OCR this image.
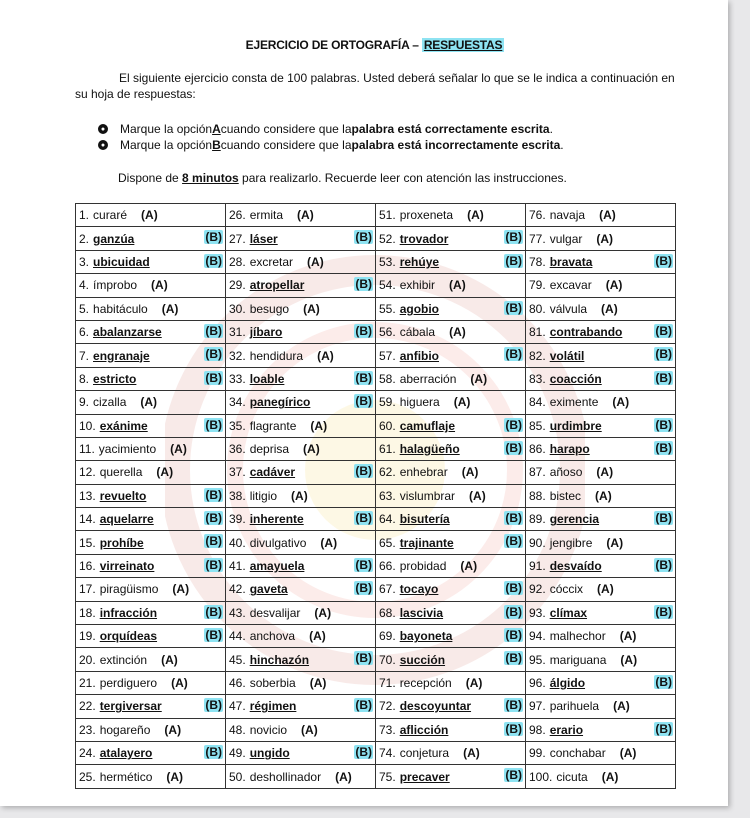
EJERCICIO DE ORTOGRAFÍA – RESPUESTAS
El siguiente ejercicio consta de 100 palabras. Usted deberá señalar lo que se le indica a continuación en su hoja de respuestas:
● Marque la opción A cuando considere que la palabra está correctamente escrita .
● Marque la opción B cuando considere que la palabra está incorrectamente escrita .
Dispone de 8 minutos para realizarlo. Recuerde leer con atención las instrucciones.
1. curaré (A)	26. ermita (A)	51. proxeneta (A)	76. navaja (A)

2. ganzúa (B)	27. láser (B)	52. trovador (B)	77. vulgar (A)

3. ubicuidad (B)	28. excretar (A)	53. rehúye (B)	78. bravata (B)

4. ímprobo (A)	29. atropellar (B)	54. exhibir (A)	79. excavar (A)

5. habitáculo (A)	30. besugo (A)	55. agobio (B)	80. válvula (A)

6. abalanzarse (B)	31. jíbaro (B)	56. cábala (A)	81. contrabando (B)

7. engranaje (B)	32. hendidura (A)	57. anfibio (B)	82. volátil (B)

8. estricto (B)	33. loable (B)	58. aberración (A)	83. coacción (B)

9. cizalla (A)	34. panegírico (B)	59. higuera (A)	84. eximente (A)

10. exánime (B)	35. flagrante (A)	60. camuflaje (B)	85. urdimbre (B)

11. yacimiento (A)	36. deprisa (A)	61. halagüeño (B)	86. harapo (B)

12. querella (A)	37. cadáver (B)	62. enhebrar (A)	87. añoso (A)

13. revuelto (B)	38. litigio (A)	63. vislumbrar (A)	88. bistec (A)

14. aquelarre (B)	39. inherente (B)	64. bisutería (B)	89. gerencia (B)

15. prohíbe (B)	40. divulgativo (A)	65. trajinante (B)	90. jengibre (A)

16. virreinato (B)	41. amayuela (B)	66. probidad (A)	91. desvaído (B)

17. piragüismo (A)	42. gaveta (B)	67. tocayo (B)	92. cóccix (A)

18. infracción (B)	43. desvalijar (A)	68. lascivia (B)	93. clímax (B)

19. orquídeas (B)	44. anchova (A)	69. bayoneta (B)	94. malhechor (A)

20. extinción (A)	45. hinchazón (B)	70. succión (B)	95. mariguana (A)

21. perdiguero (A)	46. soberbia (A)	71. recepción (A)	96. álgido (B)

22. tergiversar (B)	47. régimen (B)	72. descoyuntar (B)	97. parihuela (A)

23. hogareño (A)	48. novicio (A)	73. aflicción (B)	98. erario (B)

24. atalayero (B)	49. ungido (B)	74. conjetura (A)	99. conchabar (A)

25. hermético (A)	50. deshollinador (A)	75. precaver (B)	100. cicuta (A)
